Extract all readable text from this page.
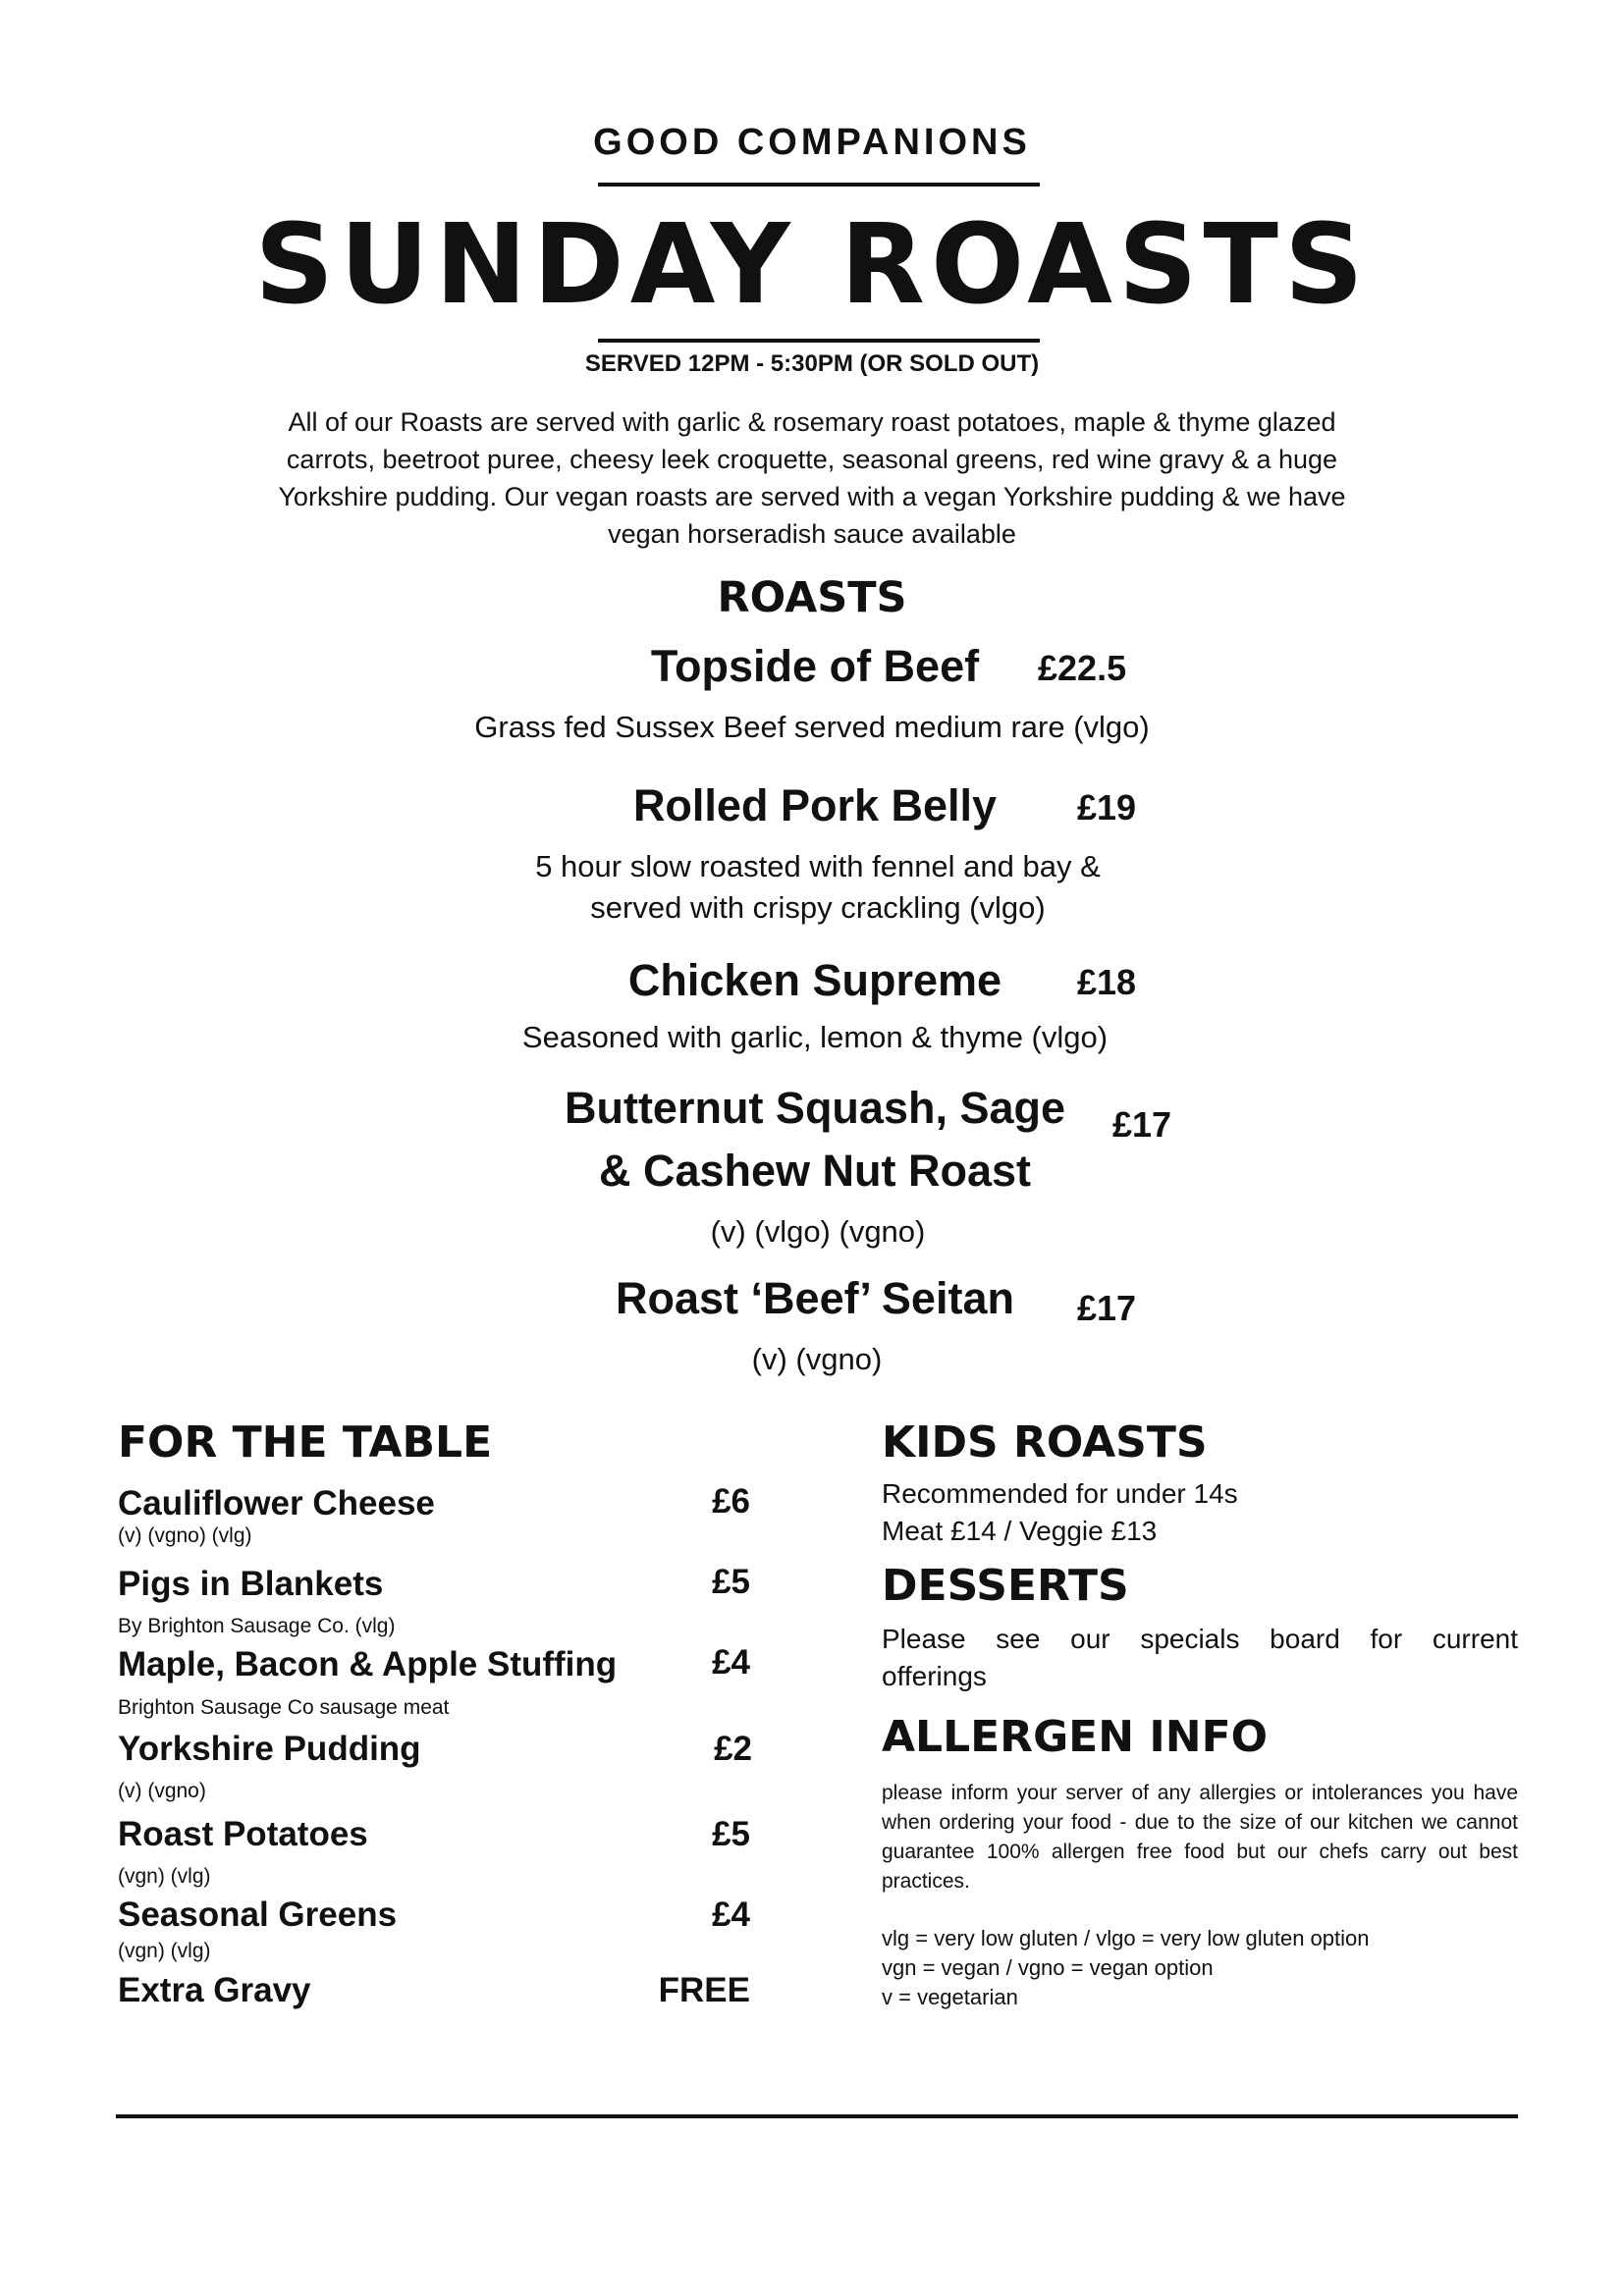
GOOD COMPANIONS
SUNDAY ROASTS
SERVED 12PM - 5:30PM (OR SOLD OUT)
All of our Roasts are served with garlic & rosemary roast potatoes, maple & thyme glazed carrots, beetroot puree, cheesy leek croquette, seasonal greens, red wine gravy & a huge Yorkshire pudding. Our vegan roasts are served with a vegan Yorkshire pudding & we have vegan horseradish sauce available
ROASTS
Topside of Beef	£22.5
Grass fed Sussex Beef served medium rare (vlgo)
Rolled Pork Belly	£19
5 hour slow roasted with fennel and bay &
served with crispy crackling (vlgo)
Chicken Supreme	£18
Seasoned with garlic, lemon & thyme (vlgo)
Butternut Squash, Sage
& Cashew Nut Roast
£17
(v) (vlgo) (vgno)
Roast ‘Beef’ Seitan	£17
(v) (vgno)
FOR THE TABLE
Cauliflower Cheese	£6
(v) (vgno) (vlg)
Pigs in Blankets	£5
By Brighton Sausage Co. (vlg)
Maple, Bacon & Apple Stuffing	£4
Brighton Sausage Co sausage meat
Yorkshire Pudding	£2
(v) (vgno)
Roast Potatoes	£5
(vgn) (vlg)
Seasonal Greens	£4
(vgn) (vlg)
Extra Gravy	FREE
KIDS ROASTS
Recommended for under 14s
Meat £14 / Veggie £13
DESSERTS
Please see our specials board for current offerings
ALLERGEN INFO
please inform your server of any allergies or intolerances you have when ordering your food - due to the size of our kitchen we cannot guarantee 100% allergen free food but our chefs carry out best practices.
vlg = very low gluten / vlgo = very low gluten option
vgn = vegan / vgno = vegan option
v = vegetarian
